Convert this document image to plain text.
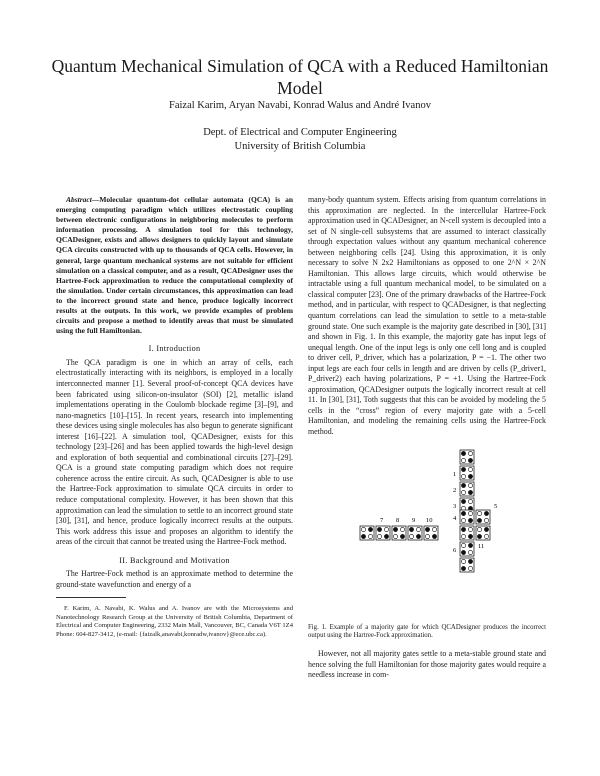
Quantum Mechanical Simulation of QCA with a Reduced Hamiltonian Model
Faizal Karim, Aryan Navabi, Konrad Walus and André Ivanov
Dept. of Electrical and Computer Engineering
University of British Columbia

Abstract—Molecular quantum-dot cellular automata (QCA) is an emerging computing paradigm which utilizes electrostatic coupling between electronic configurations in neighboring molecules to perform information processing. A simulation tool for this technology, QCADesigner, exists and allows designers to quickly layout and simulate QCA circuits constructed with up to thousands of QCA cells. However, in general, large quantum mechanical systems are not suitable for efficient simulation on a classical computer, and as a result, QCADesigner uses the Hartree-Fock approximation to reduce the computational complexity of the simulation. Under certain circumstances, this approximation can lead to the incorrect ground state and hence, produce logically incorrect results at the outputs. In this work, we provide examples of problem circuits and propose a method to identify areas that must be simulated using the full Hamiltonian.

I. Introduction

The QCA paradigm is one in which an array of cells, each electrostatically interacting with its neighbors, is employed in a locally interconnected manner [1]. Several proof-of-concept QCA devices have been fabricated using silicon-on-insulator (SOI) [2], metallic island implementations operating in the Coulomb blockade regime [3]–[9], and nano-magnetics [10]–[15]. In recent years, research into implementing these devices using single molecules has also begun to generate significant interest [16]–[22]. A simulation tool, QCADesigner, exists for this technology [23]–[26] and has been applied towards the high-level design and exploration of both sequential and combinational circuits [27]–[29]. QCA is a ground state computing paradigm which does not require coherence across the entire circuit. As such, QCADesigner is able to use the Hartree-Fock approximation to simulate QCA circuits in order to reduce computational complexity. However, it has been shown that this approximation can lead the simulation to settle to an incorrect ground state [30], [31], and hence, produce logically incorrect results at the outputs. This work address this issue and proposes an algorithm to identify the areas of the circuit that cannot be treated using the Hartree-Fock method.

II. Background and Motivation

The Hartree-Fock method is an approximate method to determine the ground-state wavefunction and energy of a

F. Karim, A. Navabi, K. Walus and A. Ivanov are with the Microsystems and Nanotechnology Research Group at the University of British Columbia, Department of Electrical and Computer Engineering, 2332 Main Mall, Vancouver, BC, Canada V6T 1Z4 Phone: 604-827-3412, (e-mail: {faizalk,anavabi,konradw,ivanov}@ece.ubc.ca).

many-body quantum system. Effects arising from quantum correlations in this approximation are neglected. In the intercellular Hartree-Fock approximation used in QCADesigner, an N-cell system is decoupled into a set of N single-cell subsystems that are assumed to interact classically through expectation values without any quantum mechanical coherence between neighboring cells [24]. Using this approximation, it is only necessary to solve N 2x2 Hamiltonians as opposed to one 2^N × 2^N Hamiltonian. This allows large circuits, which would otherwise be intractable using a full quantum mechanical model, to be simulated on a classical computer [23]. One of the primary drawbacks of the Hartree-Fock method, and in particular, with respect to QCADesigner, is that neglecting quantum correlations can lead the simulation to settle to a meta-stable ground state. One such example is the majority gate described in [30], [31] and shown in Fig. 1. In this example, the majority gate has input legs of unequal length. One of the input legs is only one cell long and is coupled to driver cell, P_driver, which has a polarization, P = −1. The other two input legs are each four cells in length and are driven by cells (P_driver1, P_driver2) each having polarizations, P = +1. Using the Hartree-Fock approximation, QCADesigner outputs the logically incorrect result at cell 11. In [30], [31], Toth suggests that this can be avoided by modeling the 5 cells in the “cross” region of every majority gate with a 5-cell Hamiltonian, and modeling the remaining cells using the Hartree-Fock method.

2
3
4
5
6
7 8 9 10
11
1

Fig. 1. Example of a majority gate for which QCADesigner produces the incorrect output using the Hartree-Fock approximation.

However, not all majority gates settle to a meta-stable ground state and hence solving the full Hamiltonian for those majority gates would require a needless increase in com-
